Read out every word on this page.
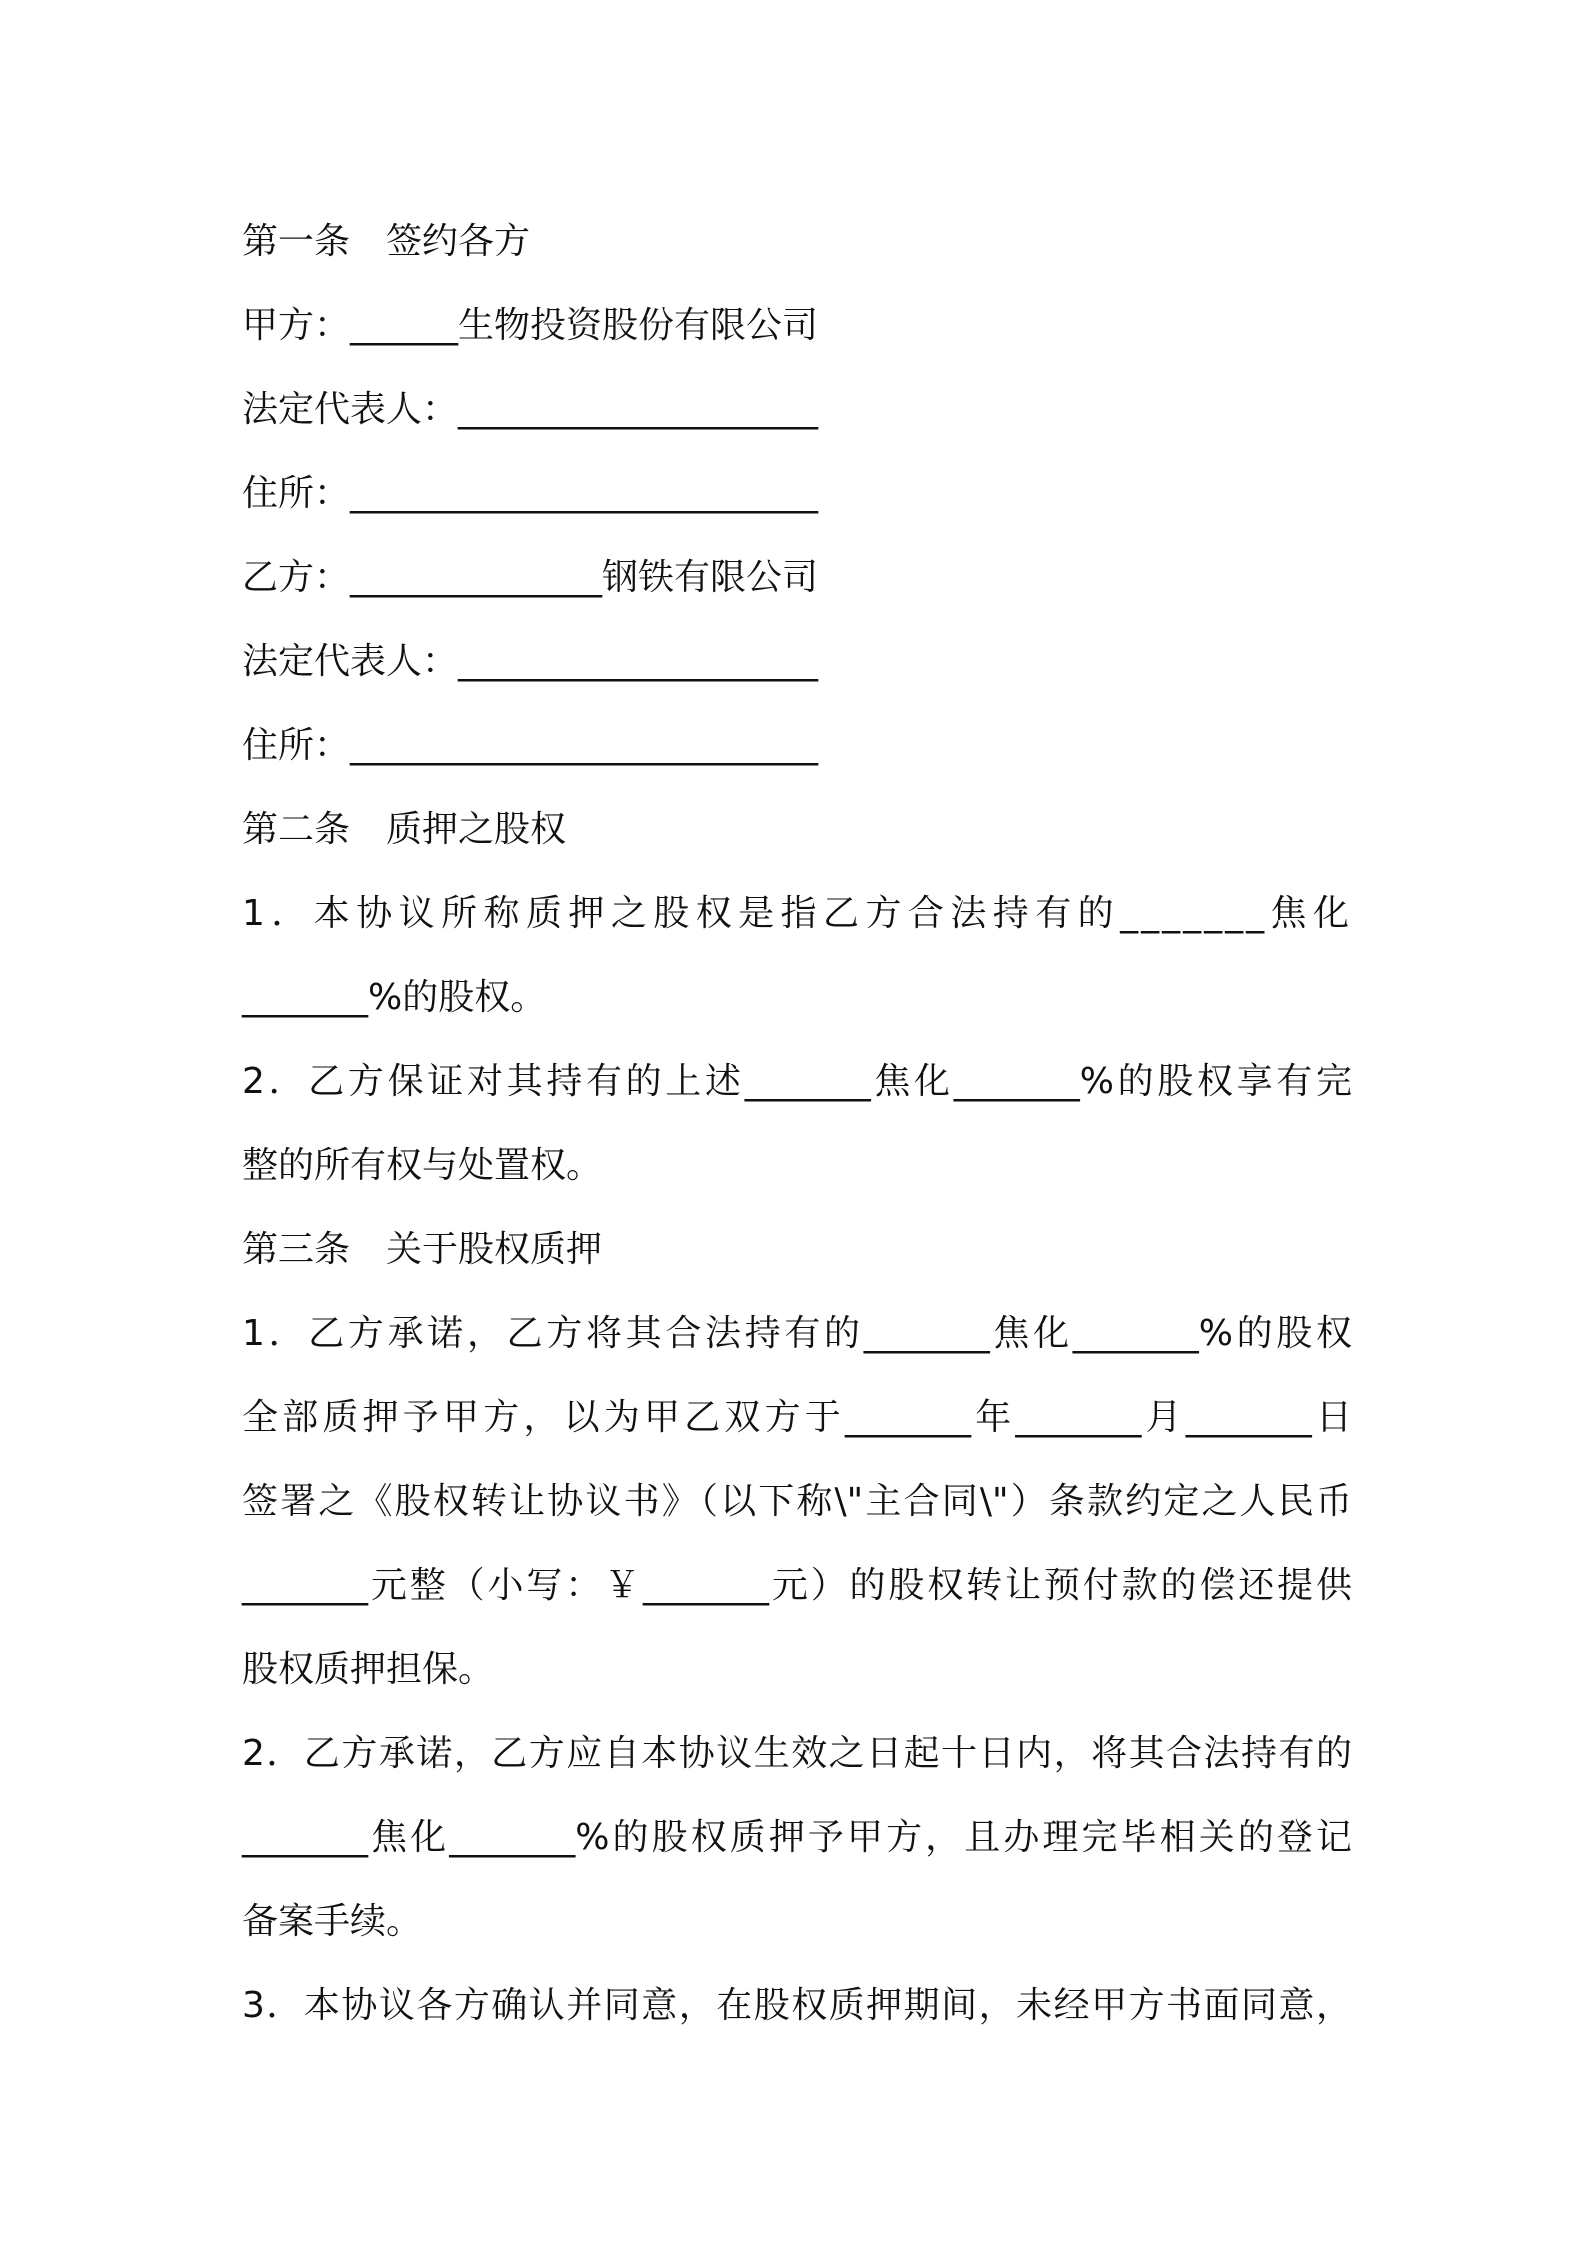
第一条　签约各方

甲方：______生物投资股份有限公司

法定代表人：____________________

住所：__________________________

乙方：______________钢铁有限公司

法定代表人：____________________

住所：__________________________

第二条　质押之股权

1．本协议所称质押之股权是指乙方合法持有的_______焦化

_______%的股权。

2．乙方保证对其持有的上述_______焦化_______%的股权享有完

整的所有权与处置权。

第三条　关于股权质押

1．乙方承诺，乙方将其合法持有的_______焦化_______%的股权

全部质押予甲方，以为甲乙双方于_______年_______月_______日

签署之《股权转让协议书》（以下称\"主合同\"）条款约定之人民币

_______元整（小写：￥_______元）的股权转让预付款的偿还提供

股权质押担保。

2．乙方承诺，乙方应自本协议生效之日起十日内，将其合法持有的

_______焦化_______%的股权质押予甲方，且办理完毕相关的登记

备案手续。

3．本协议各方确认并同意，在股权质押期间，未经甲方书面同意，
